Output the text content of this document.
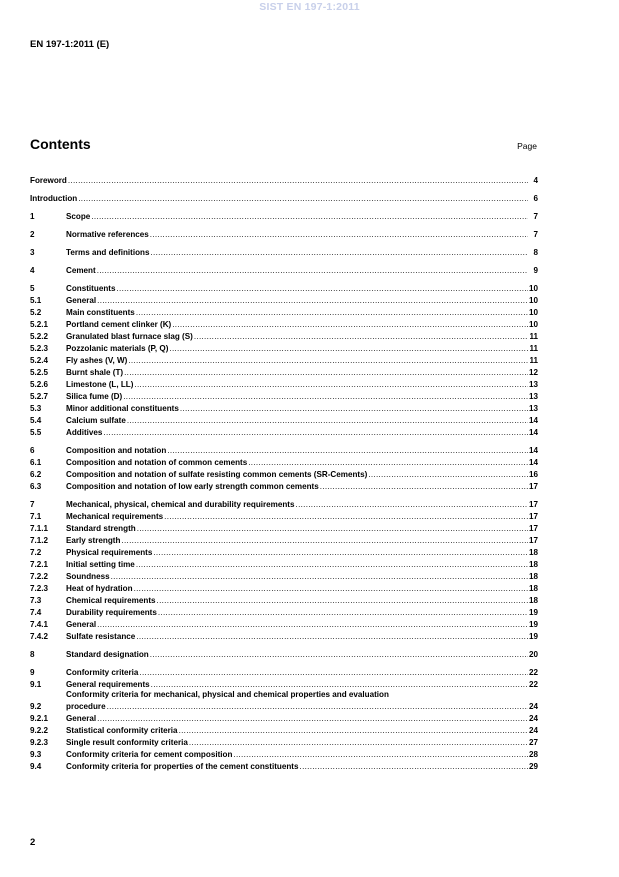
SIST EN 197-1:2011
EN 197-1:2011 (E)
Contents	Page
Foreword .....	4
Introduction .....	6
1	Scope .....	7
2	Normative references .....	7
3	Terms and definitions .....	8
4	Cement .....	9
5	Constituents .....	10
5.1	General .....	10
5.2	Main constituents .....	10
5.2.1	Portland cement clinker (K) .....	10
5.2.2	Granulated blast furnace slag (S) .....	11
5.2.3	Pozzolanic materials (P, Q) .....	11
5.2.4	Fly ashes (V, W) .....	11
5.2.5	Burnt shale (T) .....	12
5.2.6	Limestone (L, LL) .....	13
5.2.7	Silica fume (D) .....	13
5.3	Minor additional constituents .....	13
5.4	Calcium sulfate .....	14
5.5	Additives .....	14
6	Composition and notation .....	14
6.1	Composition and notation of common cements .....	14
6.2	Composition and notation of sulfate resisting common cements (SR-Cements) .....	16
6.3	Composition and notation of low early strength common cements .....	17
7	Mechanical, physical, chemical and durability requirements .....	17
7.1	Mechanical requirements .....	17
7.1.1	Standard strength .....	17
7.1.2	Early strength .....	17
7.2	Physical requirements .....	18
7.2.1	Initial setting time .....	18
7.2.2	Soundness .....	18
7.2.3	Heat of hydration .....	18
7.3	Chemical requirements .....	18
7.4	Durability requirements .....	19
7.4.1	General .....	19
7.4.2	Sulfate resistance .....	19
8	Standard designation .....	20
9	Conformity criteria .....	22
9.1	General requirements .....	22
9.2
Conformity criteria for mechanical, physical and chemical properties and evaluation
procedure .....	24
9.2.1	General .....	24
9.2.2	Statistical conformity criteria .....	24
9.2.3	Single result conformity criteria .....	27
9.3	Conformity criteria for cement composition .....	28
9.4	Conformity criteria for properties of the cement constituents .....	29
2
